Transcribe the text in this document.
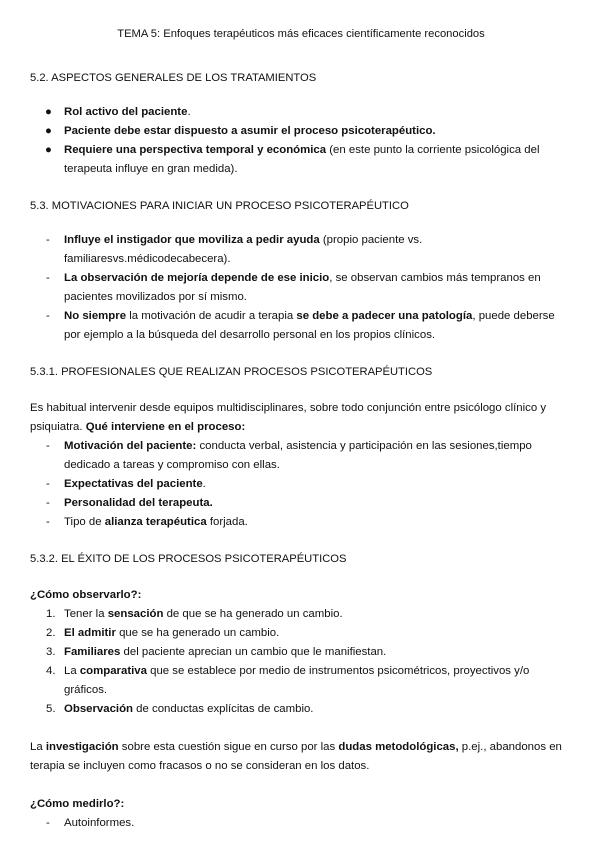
TEMA 5: Enfoques terapéuticos más eficaces científicamente reconocidos

5.2. ASPECTOS GENERALES DE LOS TRATAMIENTOS

● Rol activo del paciente.
● Paciente debe estar dispuesto a asumir el proceso psicoterapéutico.
● Requiere una perspectiva temporal y económica (en este punto la corriente psicológica del terapeuta influye en gran medida).

5.3. MOTIVACIONES PARA INICIAR UN PROCESO PSICOTERAPÉUTICO

- Influye el instigador que moviliza a pedir ayuda (propio paciente vs. familiaresvs.médicodecabecera).
- La observación de mejoría depende de ese inicio, se observan cambios más tempranos en pacientes movilizados por sí mismo.
- No siempre la motivación de acudir a terapia se debe a padecer una patología, puede deberse por ejemplo a la búsqueda del desarrollo personal en los propios clínicos.

5.3.1. PROFESIONALES QUE REALIZAN PROCESOS PSICOTERAPÉUTICOS

Es habitual intervenir desde equipos multidisciplinares, sobre todo conjunción entre psicólogo clínico y psiquiatra. Qué interviene en el proceso:

- Motivación del paciente: conducta verbal, asistencia y participación en las sesiones,tiempo dedicado a tareas y compromiso con ellas.
- Expectativas del paciente.
- Personalidad del terapeuta.
- Tipo de alianza terapéutica forjada.

5.3.2. EL ÉXITO DE LOS PROCESOS PSICOTERAPÉUTICOS

¿Cómo observarlo?:

1. Tener la sensación de que se ha generado un cambio.
2. El admitir que se ha generado un cambio.
3. Familiares del paciente aprecian un cambio que le manifiestan.
4. La comparativa que se establece por medio de instrumentos psicométricos, proyectivos y/o gráficos.
5. Observación de conductas explícitas de cambio.

La investigación sobre esta cuestión sigue en curso por las dudas metodológicas, p.ej., abandonos en terapia se incluyen como fracasos o no se consideran en los datos.

¿Cómo medirlo?:

- Autoinformes.
